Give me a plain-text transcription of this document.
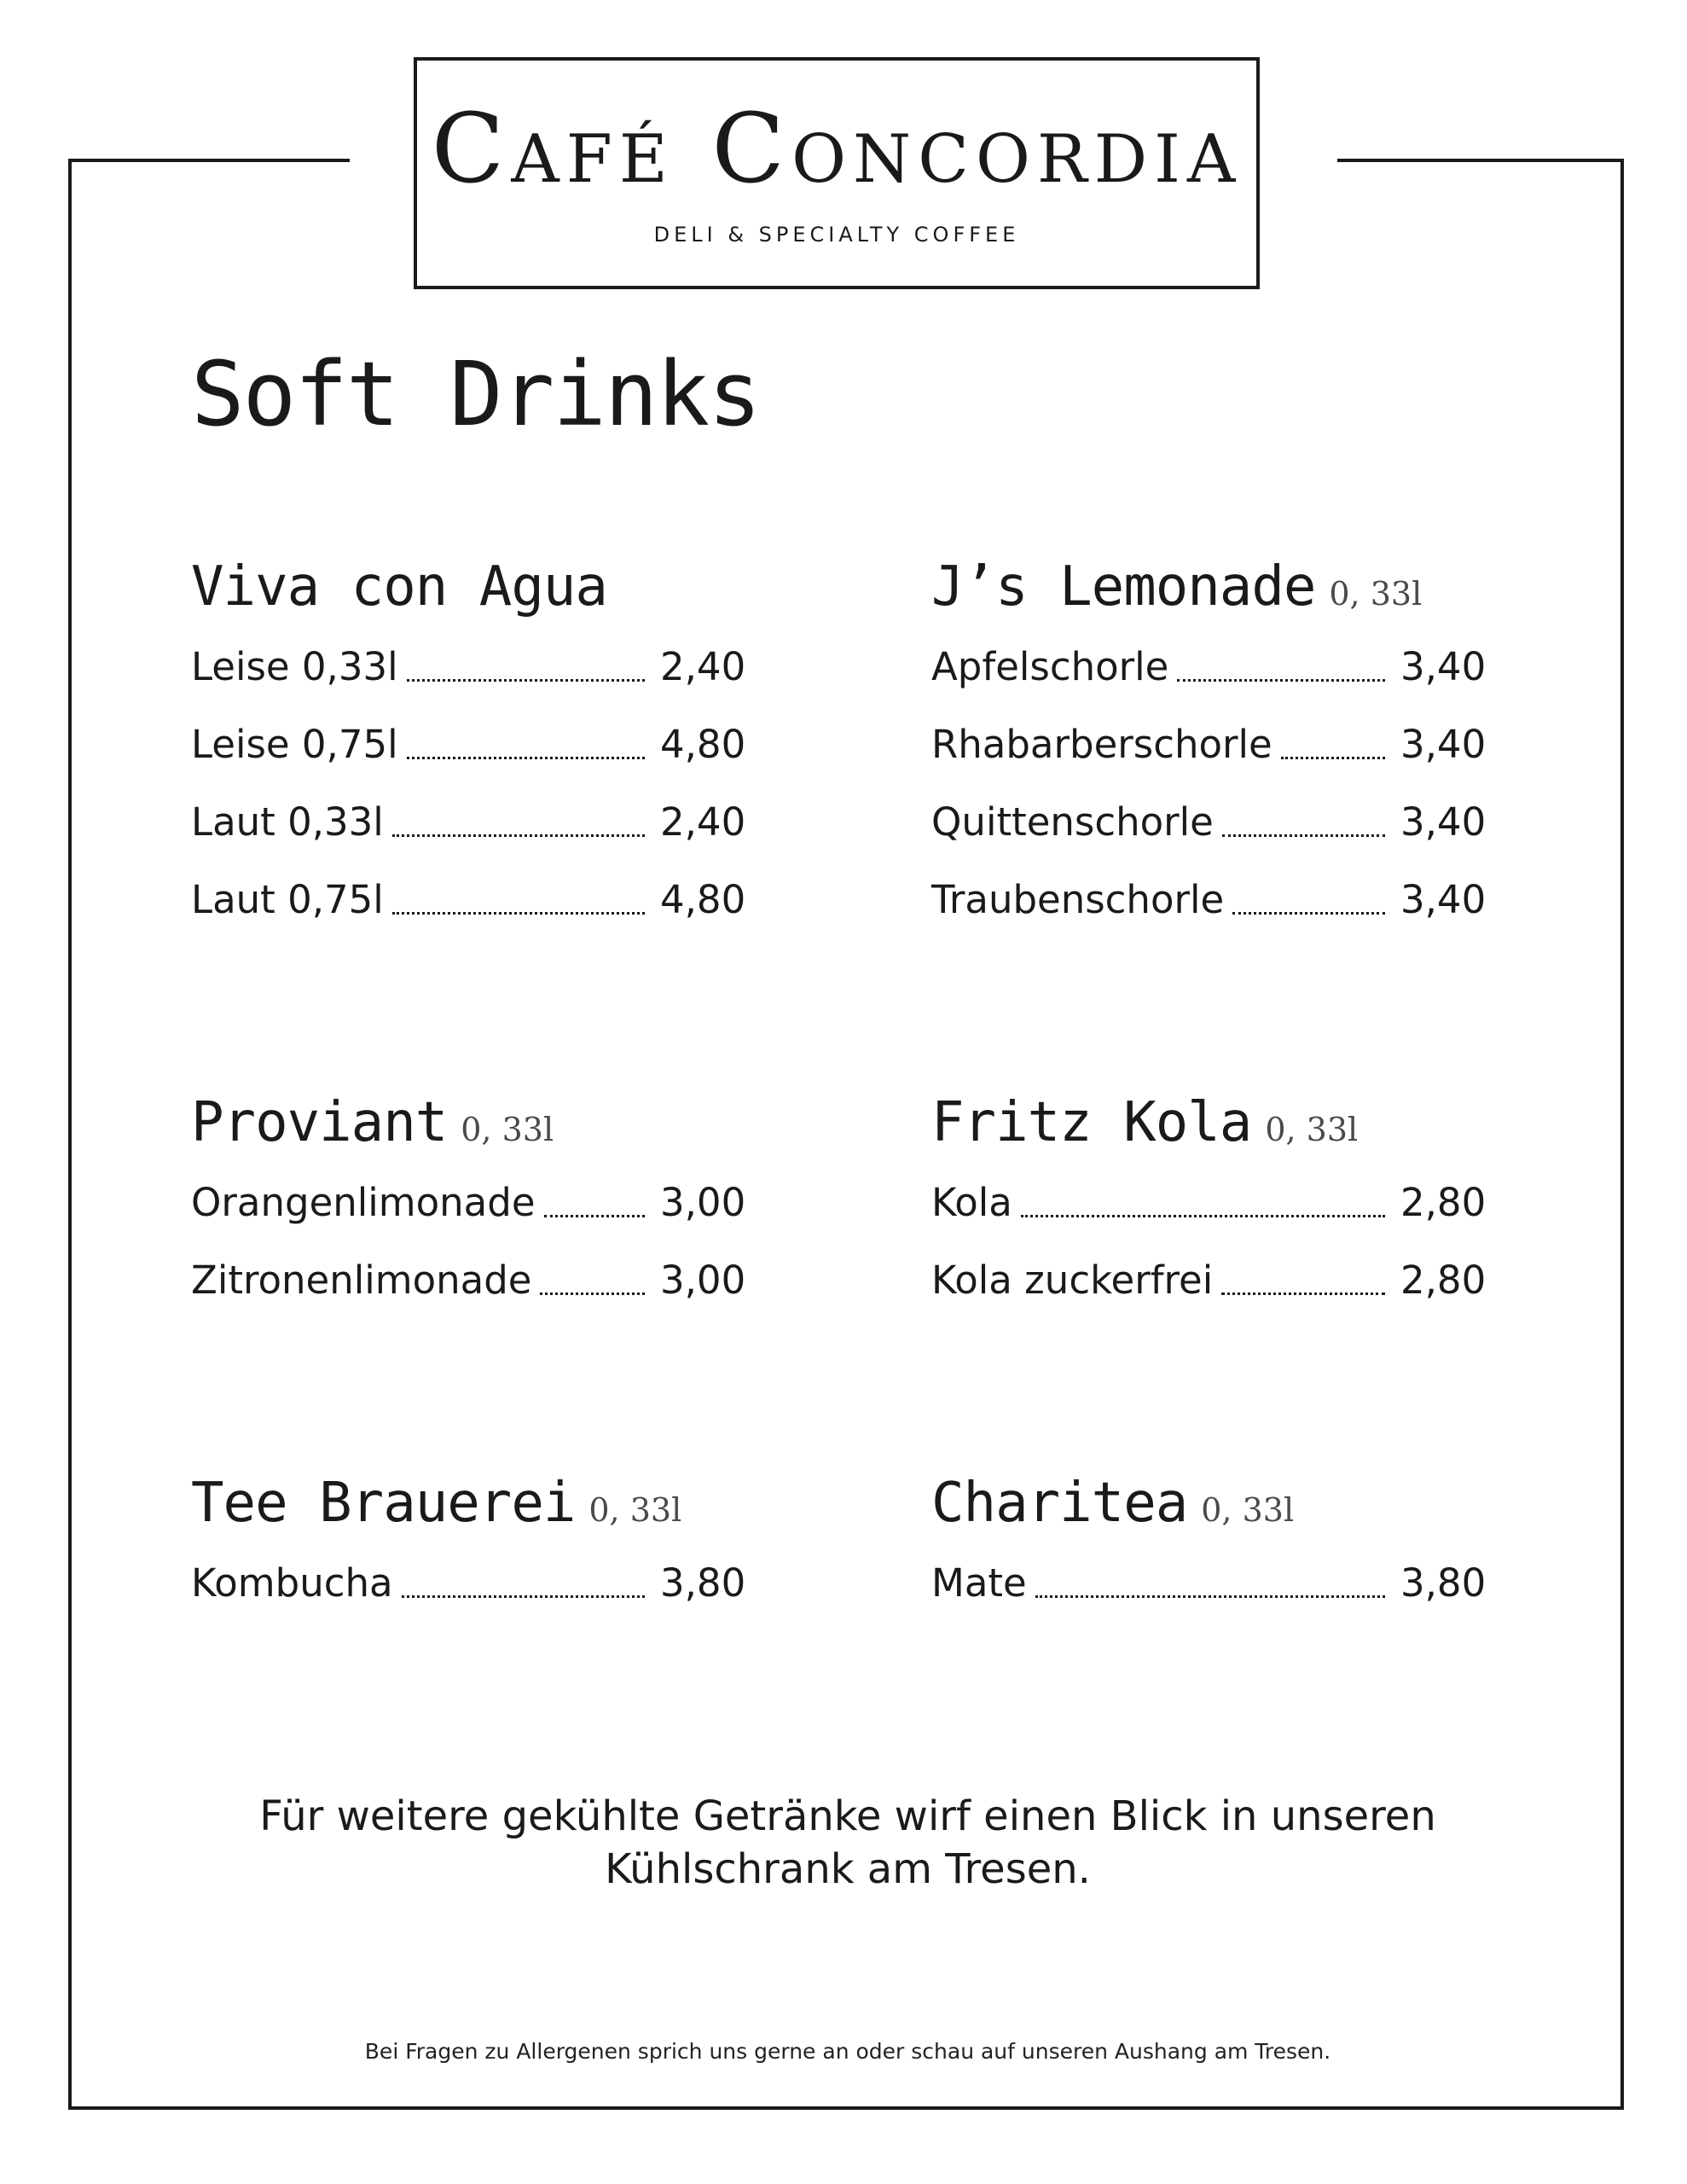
Café Concordia
DELI & SPECIALTY COFFEE
Soft Drinks
Viva con Agua
Leise 0,33l	2,40
Leise 0,75l	4,80
Laut 0,33l	2,40
Laut 0,75l	4,80
J’s Lemonade 0, 33l
Apfelschorle	3,40
Rhabarberschorle	3,40
Quittenschorle	3,40
Traubenschorle	3,40
Proviant 0, 33l
Orangenlimonade	3,00
Zitronenlimonade	3,00
Fritz Kola 0, 33l
Kola	2,80
Kola zuckerfrei	2,80
Tee Brauerei 0, 33l
Kombucha	3,80
Charitea 0, 33l
Mate	3,80
Für weitere gekühlte Getränke wirf einen Blick in unseren
Kühlschrank am Tresen.
Bei Fragen zu Allergenen sprich uns gerne an oder schau auf unseren Aushang am Tresen.
